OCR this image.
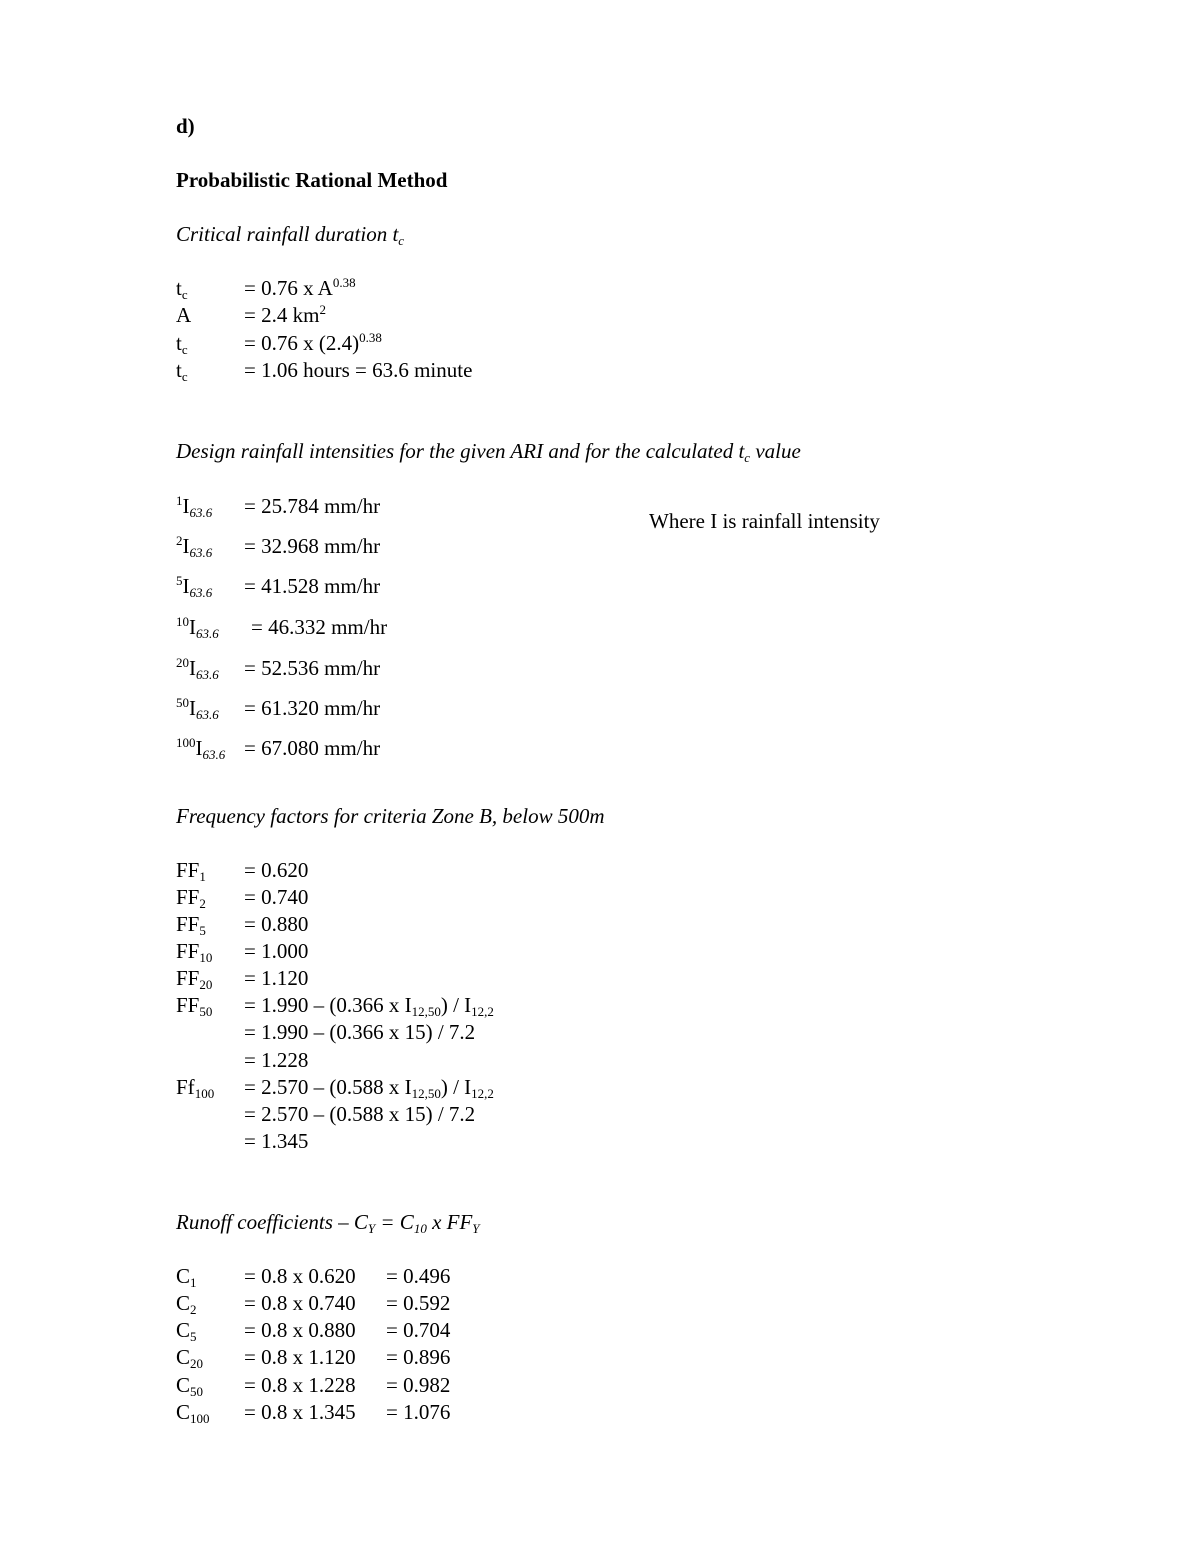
d)
Probabilistic Rational Method
Critical rainfall duration $t_c$
$t_c$	= 0.76 x $A^{0.38}$
A	= 2.4 $km^2$
$t_c$	= 0.76 x $(2.4)^{0.38}$
$t_c$	= 1.06 hours = 63.6 minute
Design rainfall intensities for the given ARI and for the calculated $t_c$ value
Where I is rainfall intensity
$^1I_{63.6} = 25.784$ mm/hr
$^2I_{63.6} = 32.968$ mm/hr
$^5I_{63.6} = 41.528$ mm/hr
$^{10}I_{63.6} = 46.332$ mm/hr
$^{20}I_{63.6} = 52.536$ mm/hr
$^{50}I_{63.6} = 61.320$ mm/hr
$^{100}I_{63.6} = 67.080$ mm/hr
Frequency factors for criteria Zone B, below 500m
$FF_1 = 0.620$
$FF_2 = 0.740$
$FF_5 = 0.880$
$FF_{10} = 1.000$
$FF_{20} = 1.120$
$FF_{50} = 1.990 - (0.366$ x $I_{12,50}) / I_{12,2}$
= 1.990 – (0.366 x 15) / 7.2
= 1.228
$Ff_{100} = 2.570 - (0.588$ x $I_{12,50}) / I_{12,2}$
= 2.570 – (0.588 x 15) / 7.2
= 1.345
Runoff coefficients – $C_Y = C_{10}$ x $FF_Y$
$C_1 = 0.8$ x 0.620 = 0.496
$C_2 = 0.8$ x 0.740 = 0.592
$C_5 = 0.8$ x 0.880 = 0.704
$C_{20} = 0.8$ x 1.120 = 0.896
$C_{50} = 0.8$ x 1.228 = 0.982
$C_{100} = 0.8$ x 1.345 = 1.076
